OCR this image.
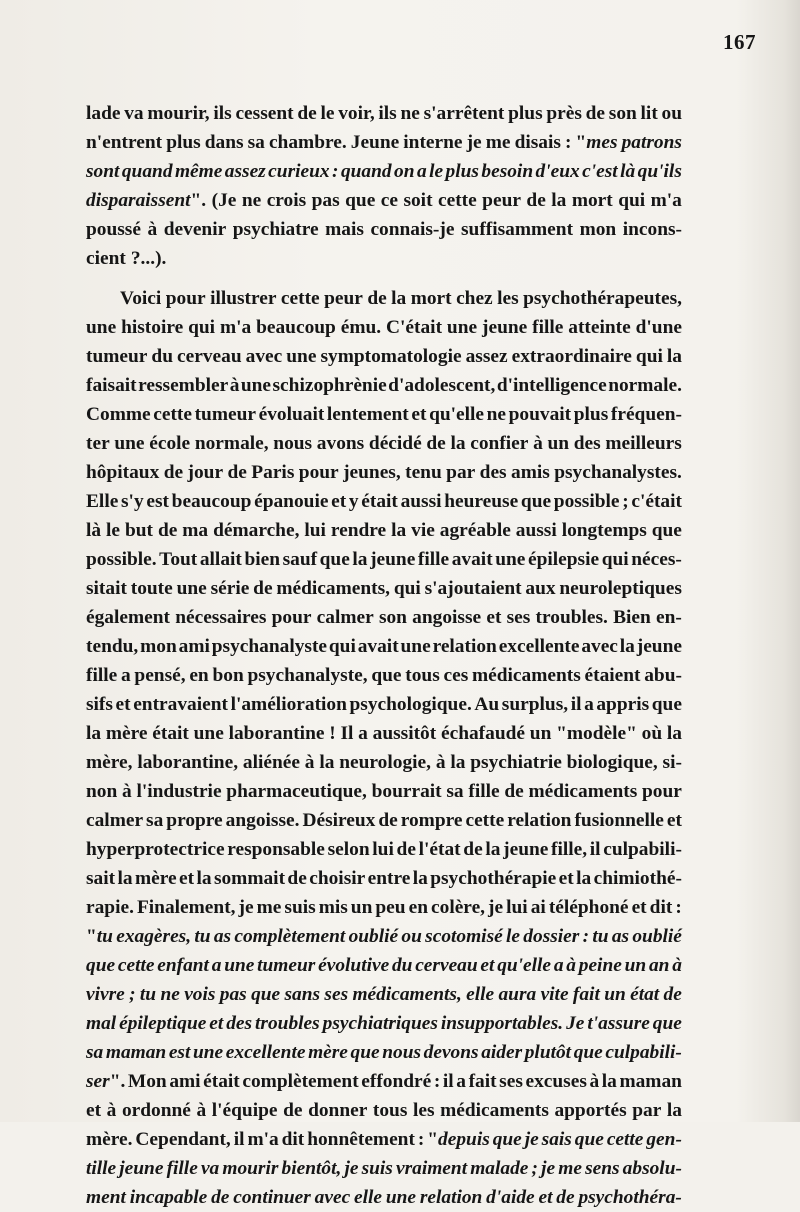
167
lade va mourir, ils cessent de le voir, ils ne s'arrêtent plus près de son lit ou
n'entrent plus dans sa chambre. Jeune interne je me disais : "mes patrons
sont quand même assez curieux : quand on a le plus besoin d'eux c'est là qu'ils
disparaissent". (Je ne crois pas que ce soit cette peur de la mort qui m'a
poussé à devenir psychiatre mais connais-je suffisamment mon incons-
cient ?...).
Voici pour illustrer cette peur de la mort chez les psychothérapeutes,
une histoire qui m'a beaucoup ému. C'était une jeune fille atteinte d'une
tumeur du cerveau avec une symptomatologie assez extraordinaire qui la
faisait ressembler à une schizophrènie d'adolescent, d'intelligence normale.
Comme cette tumeur évoluait lentement et qu'elle ne pouvait plus fréquen-
ter une école normale, nous avons décidé de la confier à un des meilleurs
hôpitaux de jour de Paris pour jeunes, tenu par des amis psychanalystes.
Elle s'y est beaucoup épanouie et y était aussi heureuse que possible ; c'était
là le but de ma démarche, lui rendre la vie agréable aussi longtemps que
possible. Tout allait bien sauf que la jeune fille avait une épilepsie qui néces-
sitait toute une série de médicaments, qui s'ajoutaient aux neuroleptiques
également nécessaires pour calmer son angoisse et ses troubles. Bien en-
tendu, mon ami psychanalyste qui avait une relation excellente avec la jeune
fille a pensé, en bon psychanalyste, que tous ces médicaments étaient abu-
sifs et entravaient l'amélioration psychologique. Au surplus, il a appris que
la mère était une laborantine ! Il a aussitôt échafaudé un "modèle" où la
mère, laborantine, aliénée à la neurologie, à la psychiatrie biologique, si-
non à l'industrie pharmaceutique, bourrait sa fille de médicaments pour
calmer sa propre angoisse. Désireux de rompre cette relation fusionnelle et
hyperprotectrice responsable selon lui de l'état de la jeune fille, il culpabili-
sait la mère et la sommait de choisir entre la psychothérapie et la chimiothé-
rapie. Finalement, je me suis mis un peu en colère, je lui ai téléphoné et dit :
"tu exagères, tu as complètement oublié ou scotomisé le dossier : tu as oublié
que cette enfant a une tumeur évolutive du cerveau et qu'elle a à peine un an à
vivre ; tu ne vois pas que sans ses médicaments, elle aura vite fait un état de
mal épileptique et des troubles psychiatriques insupportables. Je t'assure que
sa maman est une excellente mère que nous devons aider plutôt que culpabili-
ser". Mon ami était complètement effondré : il a fait ses excuses à la maman
et à ordonné à l'équipe de donner tous les médicaments apportés par la
mère. Cependant, il m'a dit honnêtement : "depuis que je sais que cette gen-
tille jeune fille va mourir bientôt, je suis vraiment malade ; je me sens absolu-
ment incapable de continuer avec elle une relation d'aide et de psychothéra-
